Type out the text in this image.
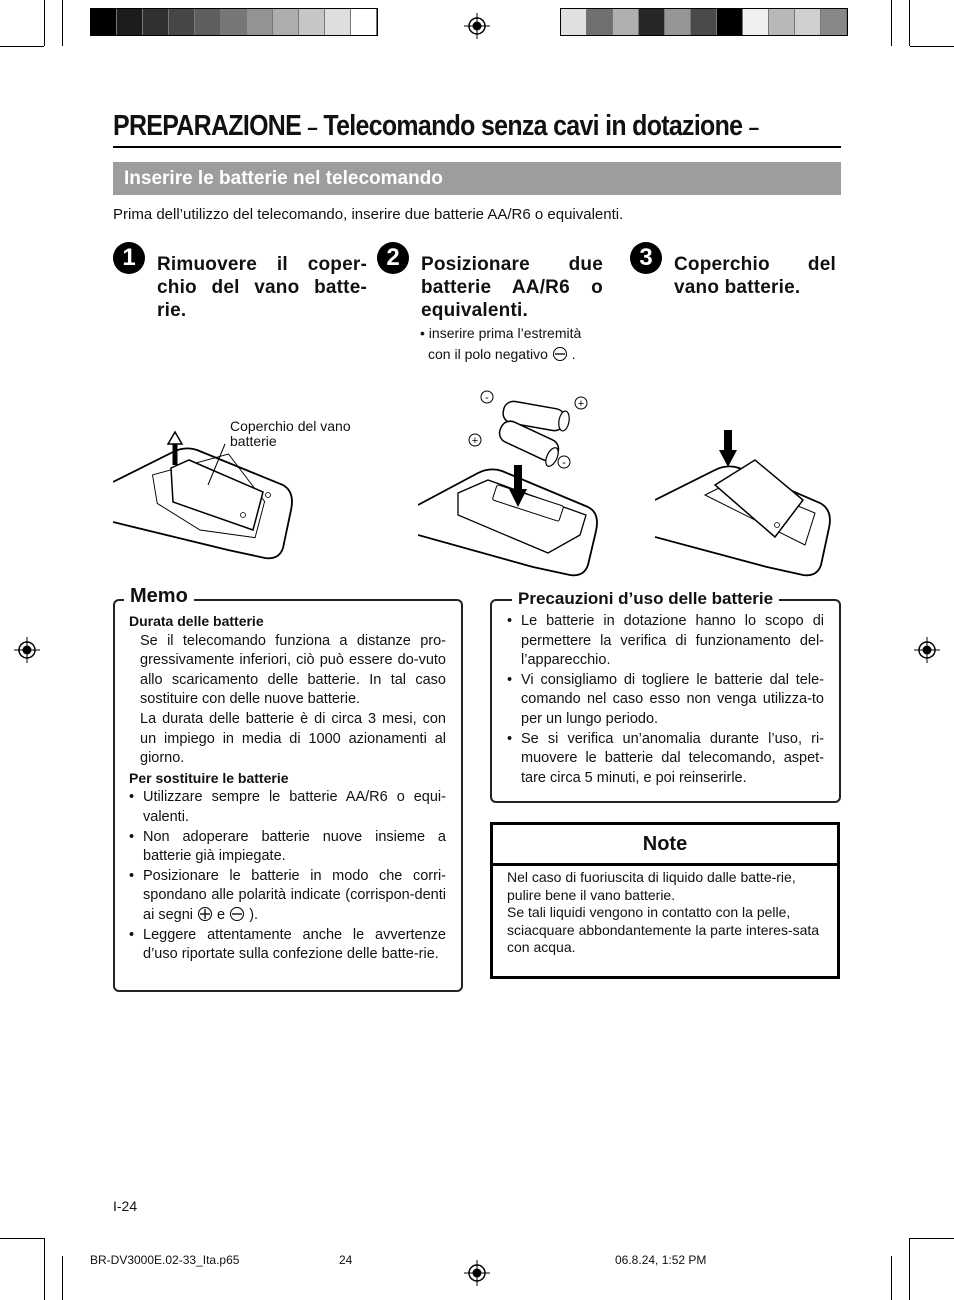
PREPARAZIONE – Telecomando senza cavi in dotazione –
Inserire le batterie nel telecomando
Prima dell’utilizzo del telecomando, inserire due batterie AA/R6 o equivalenti.
1	Rimuovere il coper-chio del vano batte-rie.
2	Posizionare due batterie AA/R6 o equivalenti.
• inserire prima l’estremità
con il polo negativo  .
3	Coperchio del vano batterie.
Coperchio del vano
batterie
-	+
+
-
Memo

Durata delle batterie

Se il telecomando funziona a distanze pro-gressivamente inferiori, ciò può essere do-vuto allo scaricamento delle batterie. In tal caso sostituire con delle nuove batterie.

La durata delle batterie è di circa 3 mesi, con un impiego in media di 1000 azionamenti al giorno.

Per sostituire le batterie

• Utilizzare sempre le batterie AA/R6 o equi-valenti.

• Non adoperare batterie nuove insieme a batterie già impiegate.

• Posizionare le batterie in modo che corri-spondano alle polarità indicate (corrispon-denti ai segni e ).

• Leggere attentamente anche le avvertenze d’uso riportate sulla confezione delle batte-rie.

Precauzioni d’uso delle batterie

• Le batterie in dotazione hanno lo scopo di permettere la verifica di funzionamento del-l’apparecchio.

• Vi consigliamo di togliere le batterie dal tele-comando nel caso esso non venga utilizza-to per un lungo periodo.

• Se si verifica un’anomalia durante l’uso, ri-muovere le batterie dal telecomando, aspet-tare circa 5 minuti, e poi reinserirle.

Note
Nel caso di fuoriuscita di liquido dalle batte-rie, pulire bene il vano batterie.
Se tali liquidi vengono in contatto con la pelle, sciacquare abbondantemente la parte interes-sata con acqua.
I-24
BR-DV3000E.02-33_Ita.p65	24	06.8.24, 1:52 PM
